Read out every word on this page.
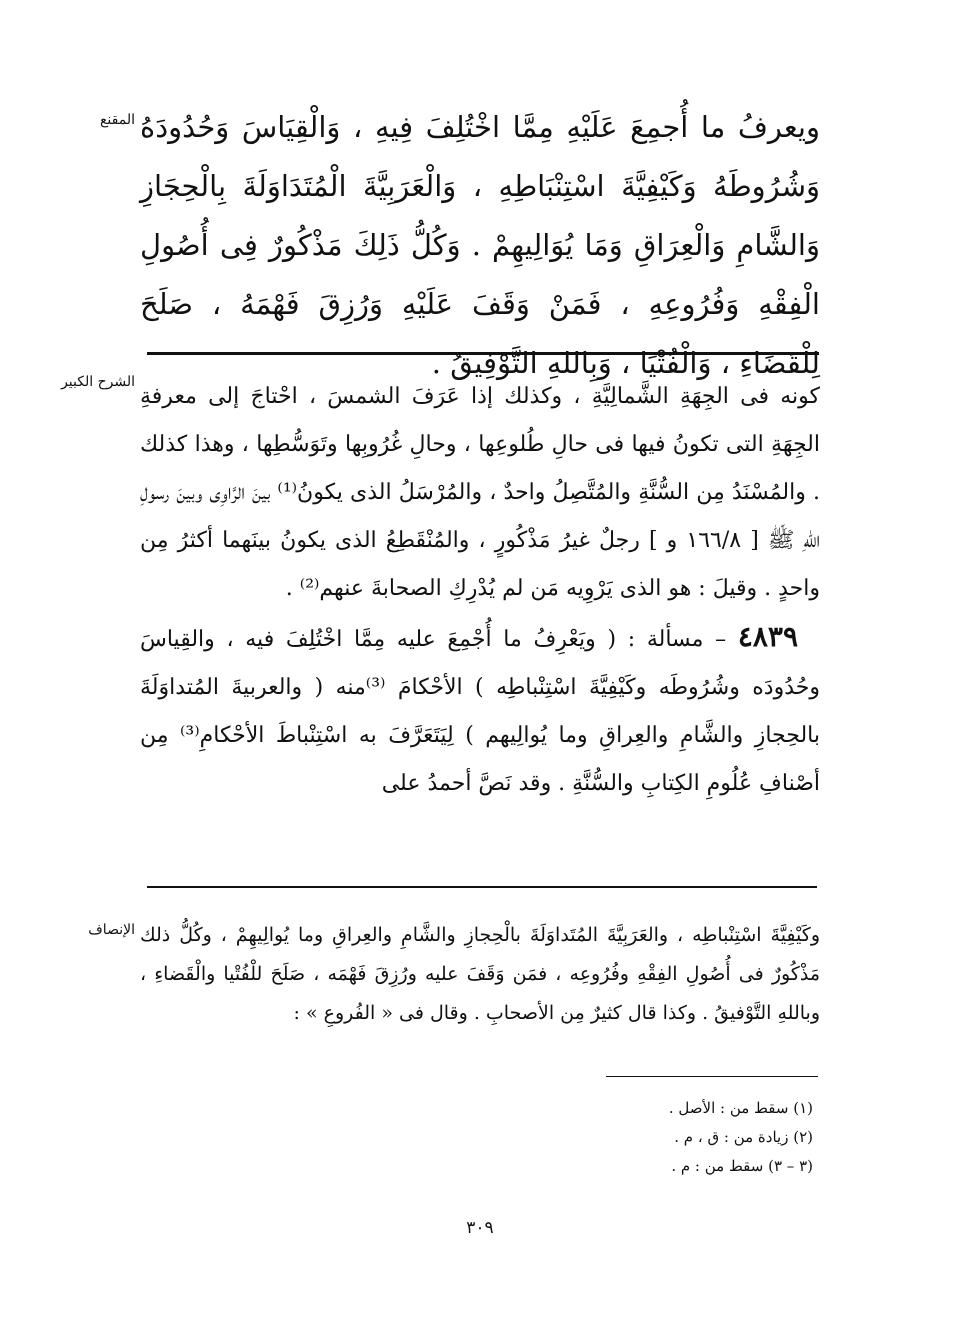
المقنع ويعرفُ ما أُجمِعَ عَلَيْهِ مِمَّا اخْتُلِفَ فِيهِ ، وَالْقِيَاسَ وَحُدُودَهُ وَشُرُوطَهُ وَكَيْفِيَّةَ اسْتِنْبَاطِهِ ، وَالْعَرَبِيَّةَ الْمُتَدَاوَلَةَ بِالْحِجَازِ وَالشَّامِ وَالْعِرَاقِ وَمَا يُوَالِيهِمْ . وَكُلُّ ذَلِكَ مَذْكُورٌ فِى أُصُولِ الْفِقْهِ وَفُرُوعِهِ ، فَمَنْ وَقَفَ عَلَيْهِ وَرُزِقَ فَهْمَهُ ، صَلَحَ لِلْقَضَاءِ ، وَالْفُتْيَا ، وَبِاللهِ التَّوْفِيقُ .
الشرح الكبير
كونه فى الجِهَةِ الشَّمالِيَّةِ ، وكذلك إذا عَرَفَ الشمسَ ، احْتاجَ إلى معرفةِ الجِهَةِ التى تكونُ فيها فى حالِ طُلوعِها ، وحالِ غُرُوبِها وتَوَسُّطِها ، وهذا كذلك . والمُسْنَدُ مِن السُّنَّةِ والمُتَّصِلُ واحدٌ ، والمُرْسَلُ الذى يكونُ⁽¹⁾ بينَ الرَّاوِى وبينَ رسولِ اللهِ ﷺ [ ١٦٦/٨ و ] رجلٌ غيرُ مَذْكُورٍ ، والمُنْقَطِعُ الذى يكونُ بينَهما أكثرُ مِن واحدٍ . وقيلَ : هو الذى يَرْوِيه مَن لم يُدْرِكِ الصحابةَ عنهم⁽²⁾ .
 ٤٨٣٩ – مسألة : ( ويَعْرِفُ ما أُجْمِعَ عليه مِمَّا اخْتُلِفَ فيه ، والقِياسَ وحُدُودَه وشُرُوطَه وكَيْفِيَّةَ اسْتِنْباطِه ) الأحْكامَ ⁽³⁾منه ( والعربيةَ المُتداوَلَةَ بالحِجازِ والشَّامِ والعِراقِ وما يُوالِيهم ) لِيَتَعَرَّفَ به اسْتِنْباطَ الأحْكامِ⁽³⁾ مِن أصْنافِ عُلُومِ الكِتابِ والسُّنَّةِ . وقد نَصَّ أحمدُ على
الإنصاف وكَيْفِيَّةَ اسْتِنْباطِه ، والعَرَبِيَّةَ المُتَداوَلَةَ بالْحِجازِ والشَّامِ والعِراقِ وما يُوالِيهِمْ ، وكُلُّ ذلك مَذْكُورٌ فى أُصُولِ الفِقْهِ وفُرُوعِه ، فمَن وَقَفَ عليه ورُزِقَ فَهْمَه ، صَلَحَ للْفُتْيا والْقَضاءِ ، وباللهِ التَّوْفيقُ . وكذا قال كثيرٌ مِن الأصحابِ . وقال فى « الفُروعِ » :
(١) سقط من : الأصل .
(٢) زيادة من : ق ، م .
(٣ – ٣) سقط من : م .
٣٠٩
